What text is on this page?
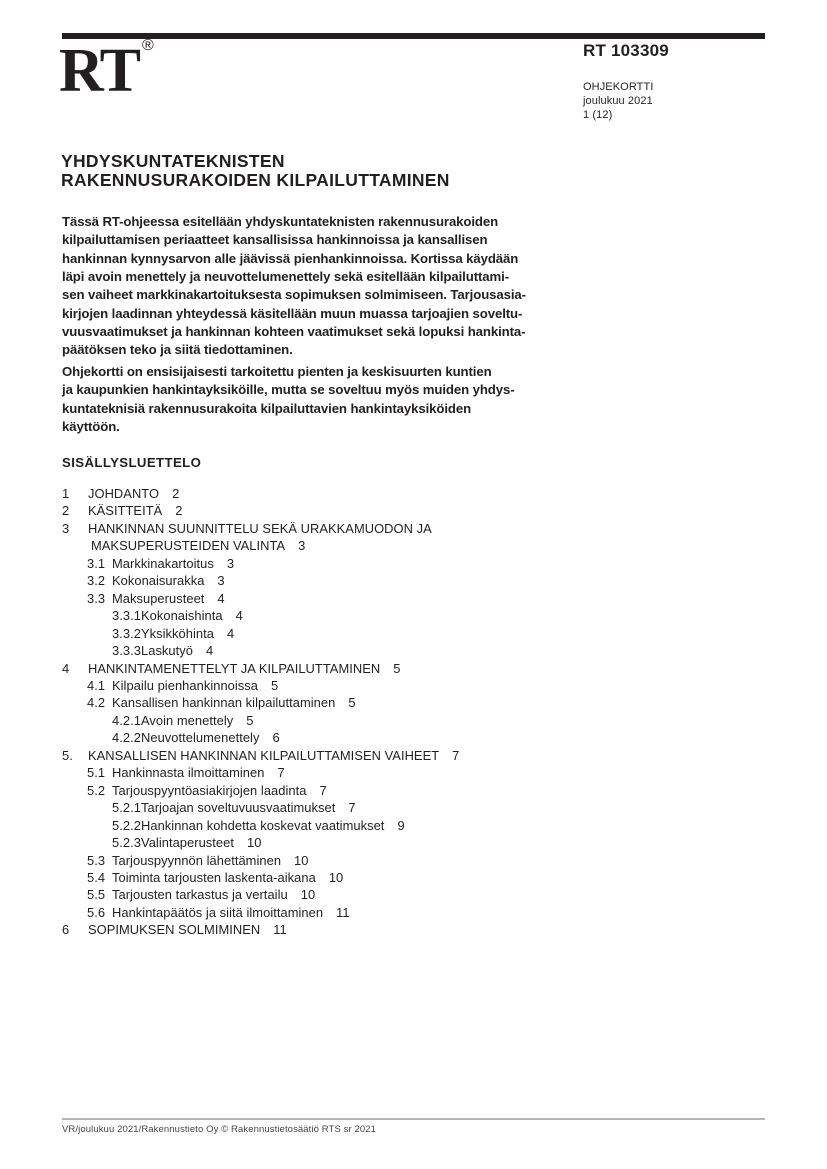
RT ®	RT 103309
OHJEKORTTI
joulukuu 2021
1 (12)
YHDYSKUNTATEKNISTEN
RAKENNUSURAKOIDEN KILPAILUTTAMINEN
Tässä RT-ohjeessa esitellään yhdyskuntateknisten rakennusurakoiden
kilpailuttamisen periaatteet kansallisissa hankinnoissa ja kansallisen
hankinnan kynnysarvon alle jäävissä pienhankinnoissa. Kortissa käydään
läpi avoin menettely ja neuvottelumenettely sekä esitellään kilpailuttami-
sen vaiheet markkinakartoituksesta sopimuksen solmimiseen. Tarjousasia-
kirjojen laadinnan yhteydessä käsitellään muun muassa tarjoajien soveltu-
vuusvaatimukset ja hankinnan kohteen vaatimukset sekä lopuksi hankinta-
päätöksen teko ja siitä tiedottaminen.
Ohjekortti on ensisijaisesti tarkoitettu pienten ja keskisuurten kuntien
ja kaupunkien hankintayksiköille, mutta se soveltuu myös muiden yhdys-
kuntateknisiä rakennusurakoita kilpailuttavien hankintayksiköiden
käyttöön.
SISÄLLYSLUETTELO
1	JOHDANTO 2
2	KÄSITTEITÄ 2
3	HANKINNAN SUUNNITTELU SEKÄ URAKKAMUODON JA
MAKSUPERUSTEIDEN VALINTA 3
3.1 Markkinakartoitus 3
3.2 Kokonaisurakka 3
3.3 Maksuperusteet 4
3.3.1 Kokonaishinta 4
3.3.2 Yksikköhinta 4
3.3.3 Laskutyö 4
4	HANKINTAMENETTELYT JA KILPAILUTTAMINEN 5
4.1 Kilpailu pienhankinnoissa 5
4.2 Kansallisen hankinnan kilpailuttaminen 5
4.2.1 Avoin menettely 5
4.2.2 Neuvottelumenettely 6
5.	KANSALLISEN HANKINNAN KILPAILUTTAMISEN VAIHEET 7
5.1 Hankinnasta ilmoittaminen 7
5.2 Tarjouspyyntöasiakirjojen laadinta 7
5.2.1 Tarjoajan soveltuvuusvaatimukset 7
5.2.2 Hankinnan kohdetta koskevat vaatimukset 9
5.2.3 Valintaperusteet 10
5.3 Tarjouspyynnön lähettäminen 10
5.4 Toiminta tarjousten laskenta-aikana 10
5.5 Tarjousten tarkastus ja vertailu 10
5.6 Hankintapäätös ja siitä ilmoittaminen 11
6	SOPIMUKSEN SOLMIMINEN 11
VR/joulukuu 2021/Rakennustieto Oy © Rakennustietosäätiö RTS sr 2021
